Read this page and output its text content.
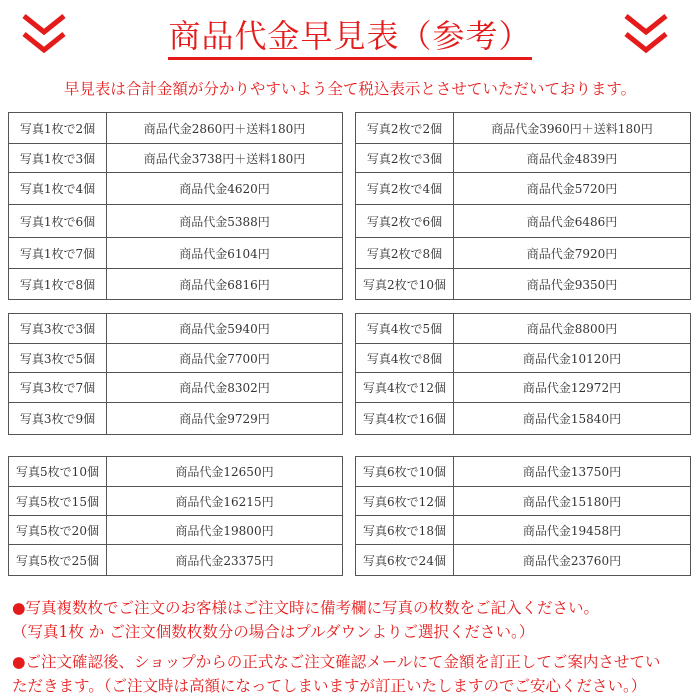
商品代金早見表（参考）
早見表は合計金額が分かりやすいよう全て税込表示とさせていただいております。
写真1枚で2個	商品代金2860円＋送料180円
写真1枚で3個	商品代金3738円＋送料180円
写真1枚で4個	商品代金4620円
写真1枚で6個	商品代金5388円
写真1枚で7個	商品代金6104円
写真1枚で8個	商品代金6816円
写真2枚で2個	商品代金3960円＋送料180円
写真2枚で3個	商品代金4839円
写真2枚で4個	商品代金5720円
写真2枚で6個	商品代金6486円
写真2枚で8個	商品代金7920円
写真2枚で10個	商品代金9350円
写真3枚で3個	商品代金5940円
写真3枚で5個	商品代金7700円
写真3枚で7個	商品代金8302円
写真3枚で9個	商品代金9729円
写真4枚で5個	商品代金8800円
写真4枚で8個	商品代金10120円
写真4枚で12個	商品代金12972円
写真4枚で16個	商品代金15840円
写真5枚で10個	商品代金12650円
写真5枚で15個	商品代金16215円
写真5枚で20個	商品代金19800円
写真5枚で25個	商品代金23375円
写真6枚で10個	商品代金13750円
写真6枚で12個	商品代金15180円
写真6枚で18個	商品代金19458円
写真6枚で24個	商品代金23760円

●写真複数枚でご注文のお客様はご注文時に備考欄に写真の枚数をご記入ください。

（写真1枚 か ご注文個数枚数分の場合はプルダウンよりご選択ください。）

●ご注文確認後、ショップからの正式なご注文確認メールにて金額を訂正してご案内させてい

ただきます。（ご注文時は高額になってしまいますが訂正いたしますのでご安心ください。）
